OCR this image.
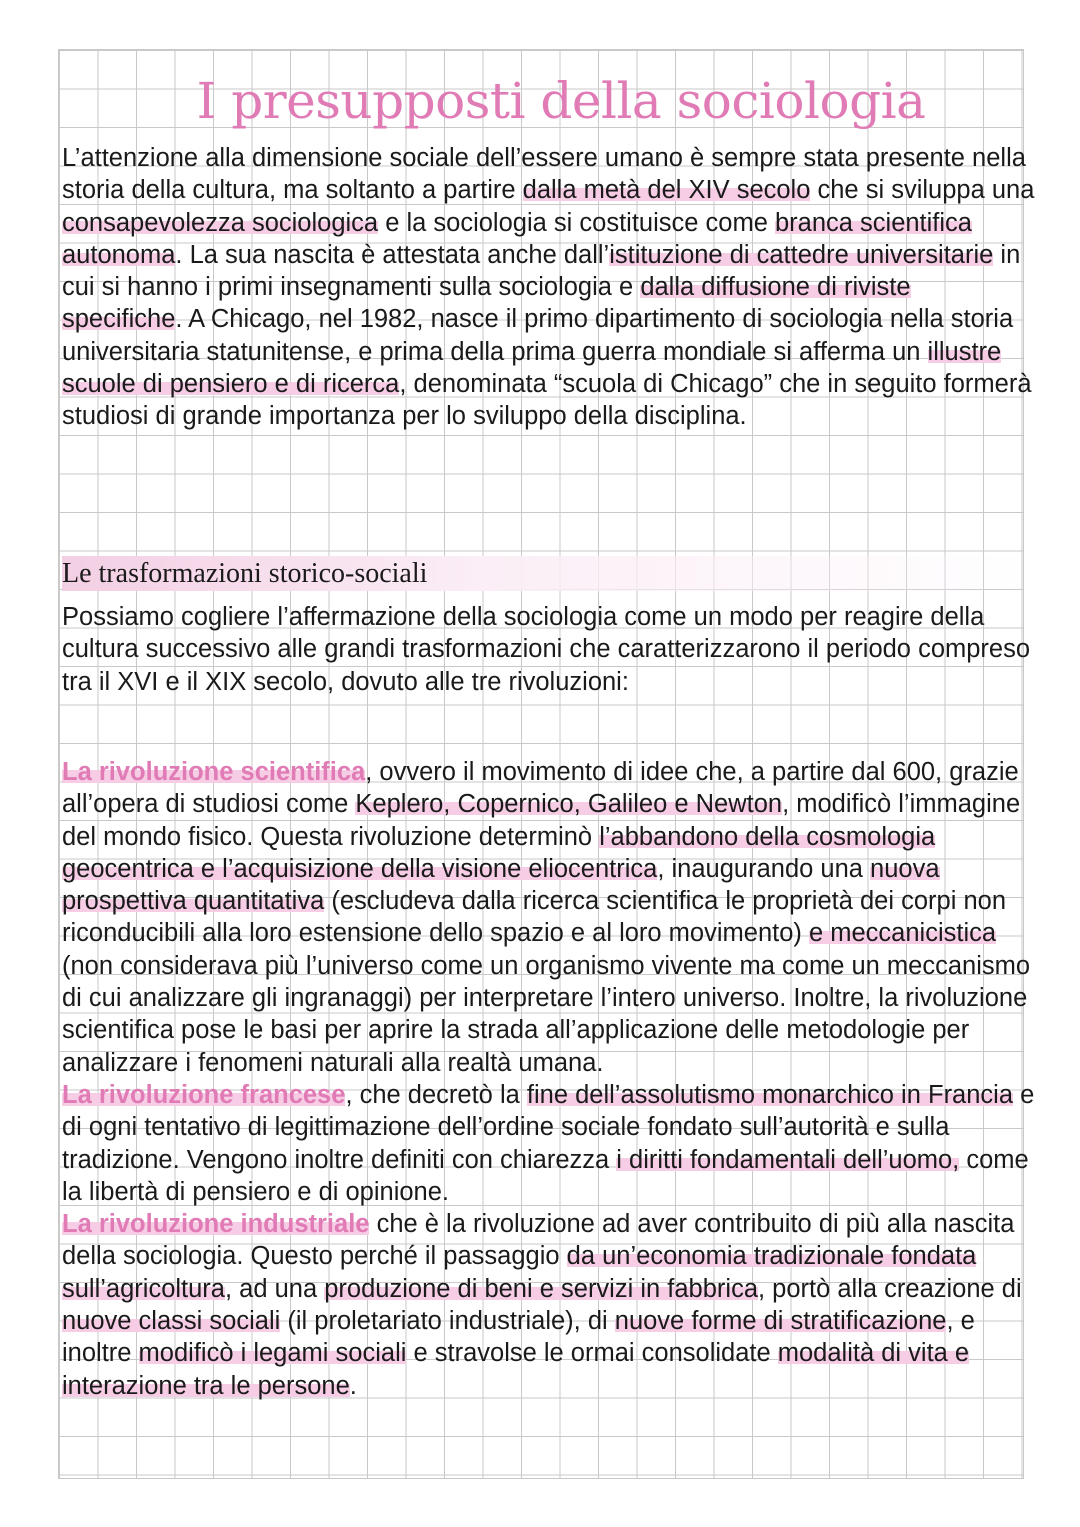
I presupposti della sociologia

L’attenzione alla dimensione sociale dell’essere umano è sempre stata presente nella storia della cultura, ma soltanto a partire dalla metà del XIV secolo che si sviluppa una consapevolezza sociologica e la sociologia si costituisce come branca scientifica autonoma. La sua nascita è attestata anche dall’istituzione di cattedre universitarie in cui si hanno i primi insegnamenti sulla sociologia e dalla diffusione di riviste specifiche. A Chicago, nel 1982, nasce il primo dipartimento di sociologia nella storia universitaria statunitense, e prima della prima guerra mondiale si afferma un illustre scuole di pensiero e di ricerca, denominata “scuola di Chicago” che in seguito formerà studiosi di grande importanza per lo sviluppo della disciplina.

Le trasformazioni storico-sociali

Possiamo cogliere l’affermazione della sociologia come un modo per reagire della cultura successivo alle grandi trasformazioni che caratterizzarono il periodo compreso tra il XVI e il XIX secolo, dovuto alle tre rivoluzioni:

La rivoluzione scientifica, ovvero il movimento di idee che, a partire dal 600, grazie all’opera di studiosi come Keplero, Copernico, Galileo e Newton, modificò l’immagine del mondo fisico. Questa rivoluzione determinò l’abbandono della cosmologia geocentrica e l’acquisizione della visione eliocentrica, inaugurando una nuova prospettiva quantitativa (escludeva dalla ricerca scientifica le proprietà dei corpi non riconducibili alla loro estensione dello spazio e al loro movimento) e meccanicistica (non considerava più l’universo come un organismo vivente ma come un meccanismo di cui analizzare gli ingranaggi) per interpretare l’intero universo. Inoltre, la rivoluzione scientifica pose le basi per aprire la strada all’applicazione delle metodologie per analizzare i fenomeni naturali alla realtà umana.
La rivoluzione francese, che decretò la fine dell’assolutismo monarchico in Francia e di ogni tentativo di legittimazione dell’ordine sociale fondato sull’autorità e sulla tradizione. Vengono inoltre definiti con chiarezza i diritti fondamentali dell’uomo, come la libertà di pensiero e di opinione.
La rivoluzione industriale che è la rivoluzione ad aver contribuito di più alla nascita della sociologia. Questo perché il passaggio da un’economia tradizionale fondata sull’agricoltura, ad una produzione di beni e servizi in fabbrica, portò alla creazione di nuove classi sociali (il proletariato industriale), di nuove forme di stratificazione, e inoltre modificò i legami sociali e stravolse le ormai consolidate modalità di vita e interazione tra le persone.
